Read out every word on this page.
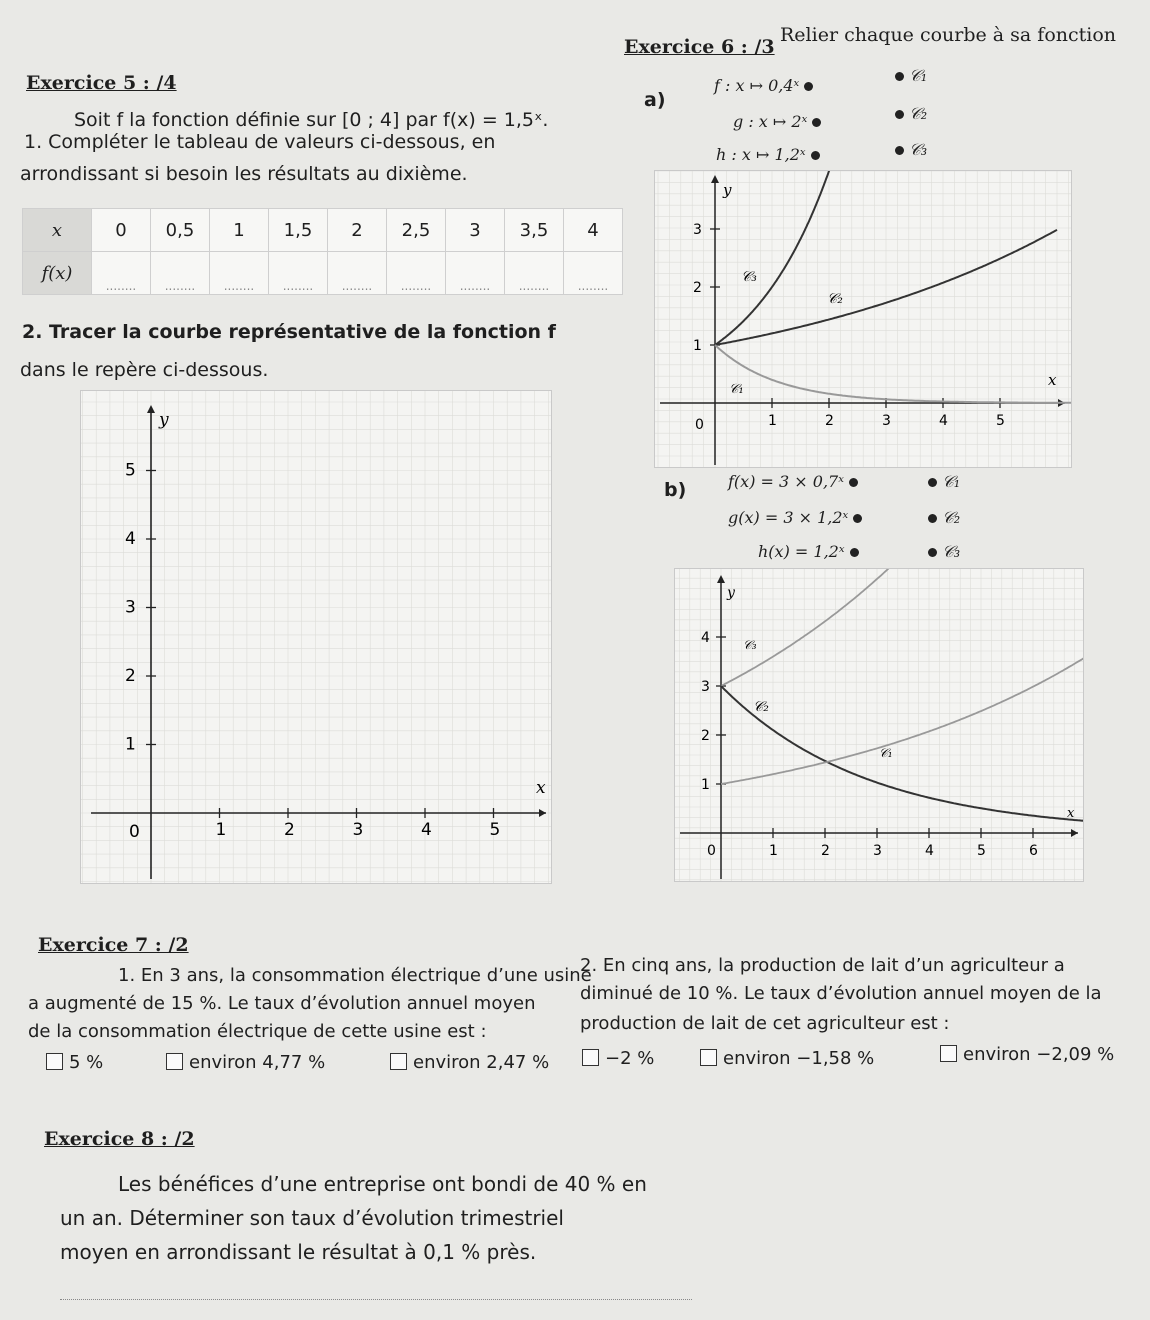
Exercice 5 : /4
Soit f la fonction définie sur [0 ; 4] par f(x) = 1,5ˣ.
1. Compléter le tableau de valeurs ci-dessous, en
arrondissant si besoin les résultats au dixième.
x	0	0,5	1	1,5	2	2,5	3	3,5	4
f(x)	........	........	........	........	........	........	........	........	........
2. Tracer la courbe représentative de la fonction f
dans le repère ci-dessous.
y
x
0	1	2	3	4	5
1
2
3
4
5
Exercice 6 : /3
Relier chaque courbe à sa fonction
a)
f : x ↦ 0,4ˣ
g : x ↦ 2ˣ
h : x ↦ 1,2ˣ
𝒞₁
𝒞₂
𝒞₃
y
x
0	1	2	3	4	5
1
2
3
𝒞₃
𝒞₂
𝒞₁
b)	f(x) = 3 × 0,7ˣ
g(x) = 3 × 1,2ˣ
h(x) = 1,2ˣ
𝒞₁
𝒞₂
𝒞₃
y
x
0	1	2	3	4	5	6
1
2
3
4	𝒞₃
𝒞₂
𝒞₁
Exercice 7 : /2
1. En 3 ans, la consommation électrique d’une usine
a augmenté de 15 %. Le taux d’évolution annuel moyen
de la consommation électrique de cette usine est :
5 %	environ 4,77 %	environ 2,47 %
2. En cinq ans, la production de lait d’un agriculteur a
diminué de 10 %. Le taux d’évolution annuel moyen de la
production de lait de cet agriculteur est :
−2 %	environ −1,58 %	environ −2,09 %
Exercice 8 : /2
Les bénéfices d’une entreprise ont bondi de 40 % en
un an. Déterminer son taux d’évolution trimestriel
moyen en arrondissant le résultat à 0,1 % près.
